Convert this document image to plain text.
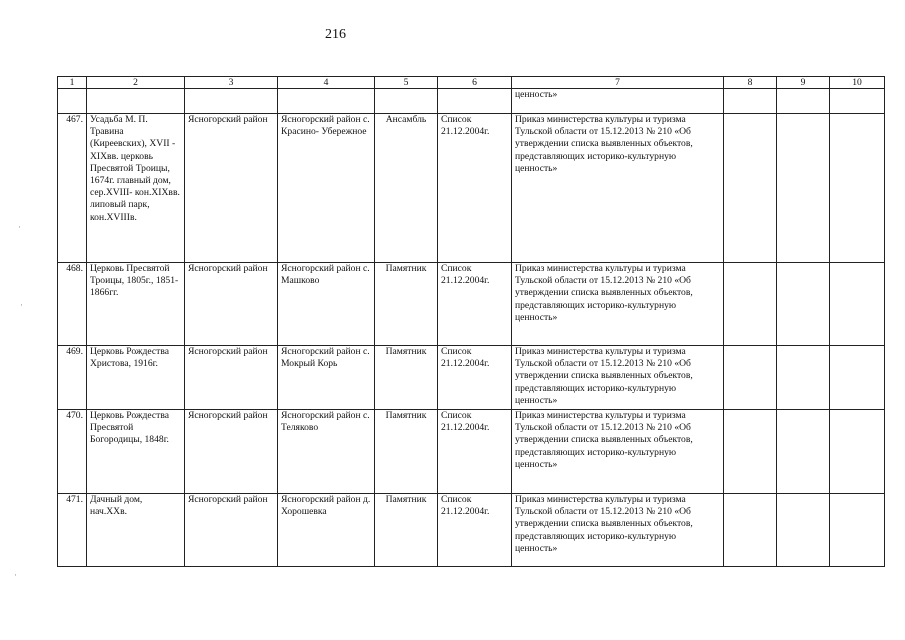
216
·
·
·
1	2	3	4	5	6	7	8	9	10
						ценность»			
467.	Усадьба М. П. Травина (Киреевских), XVII - XIXвв. церковь Пресвятой Троицы, 1674г. главный дом, сер.XVIII- кон.XIXвв. липовый парк, кон.XVIIIв.	Ясногорский район	Ясногорский район с. Красино- Убережное	Ансамбль	Список 21.12.2004г.	Приказ министерства культуры и туризма Тульской области от 15.12.2013 № 210 «Об утверждении списка выявленных объектов, представляющих историко-культурную ценность»			
468.	Церковь Пресвятой Троицы, 1805г., 1851-1866гг.	Ясногорский район	Ясногорский район с. Машково	Памятник	Список 21.12.2004г.	Приказ министерства культуры и туризма Тульской области от 15.12.2013 № 210 «Об утверждении списка выявленных объектов, представляющих историко-культурную ценность»			
469.	Церковь Рождества Христова, 1916г.	Ясногорский район	Ясногорский район с. Мокрый Корь	Памятник	Список 21.12.2004г.	Приказ министерства культуры и туризма Тульской области от 15.12.2013 № 210 «Об утверждении списка выявленных объектов, представляющих историко-культурную ценность»			
470.	Церковь Рождества Пресвятой Богородицы, 1848г.	Ясногорский район	Ясногорский район с. Теляково	Памятник	Список 21.12.2004г.	Приказ министерства культуры и туризма Тульской области от 15.12.2013 № 210 «Об утверждении списка выявленных объектов, представляющих историко-культурную ценность»			
471.	Дачный дом, нач.XXв.	Ясногорский район	Ясногорский район д. Хорошевка	Памятник	Список 21.12.2004г.	Приказ министерства культуры и туризма Тульской области от 15.12.2013 № 210 «Об утверждении списка выявленных объектов, представляющих историко-культурную ценность»			
